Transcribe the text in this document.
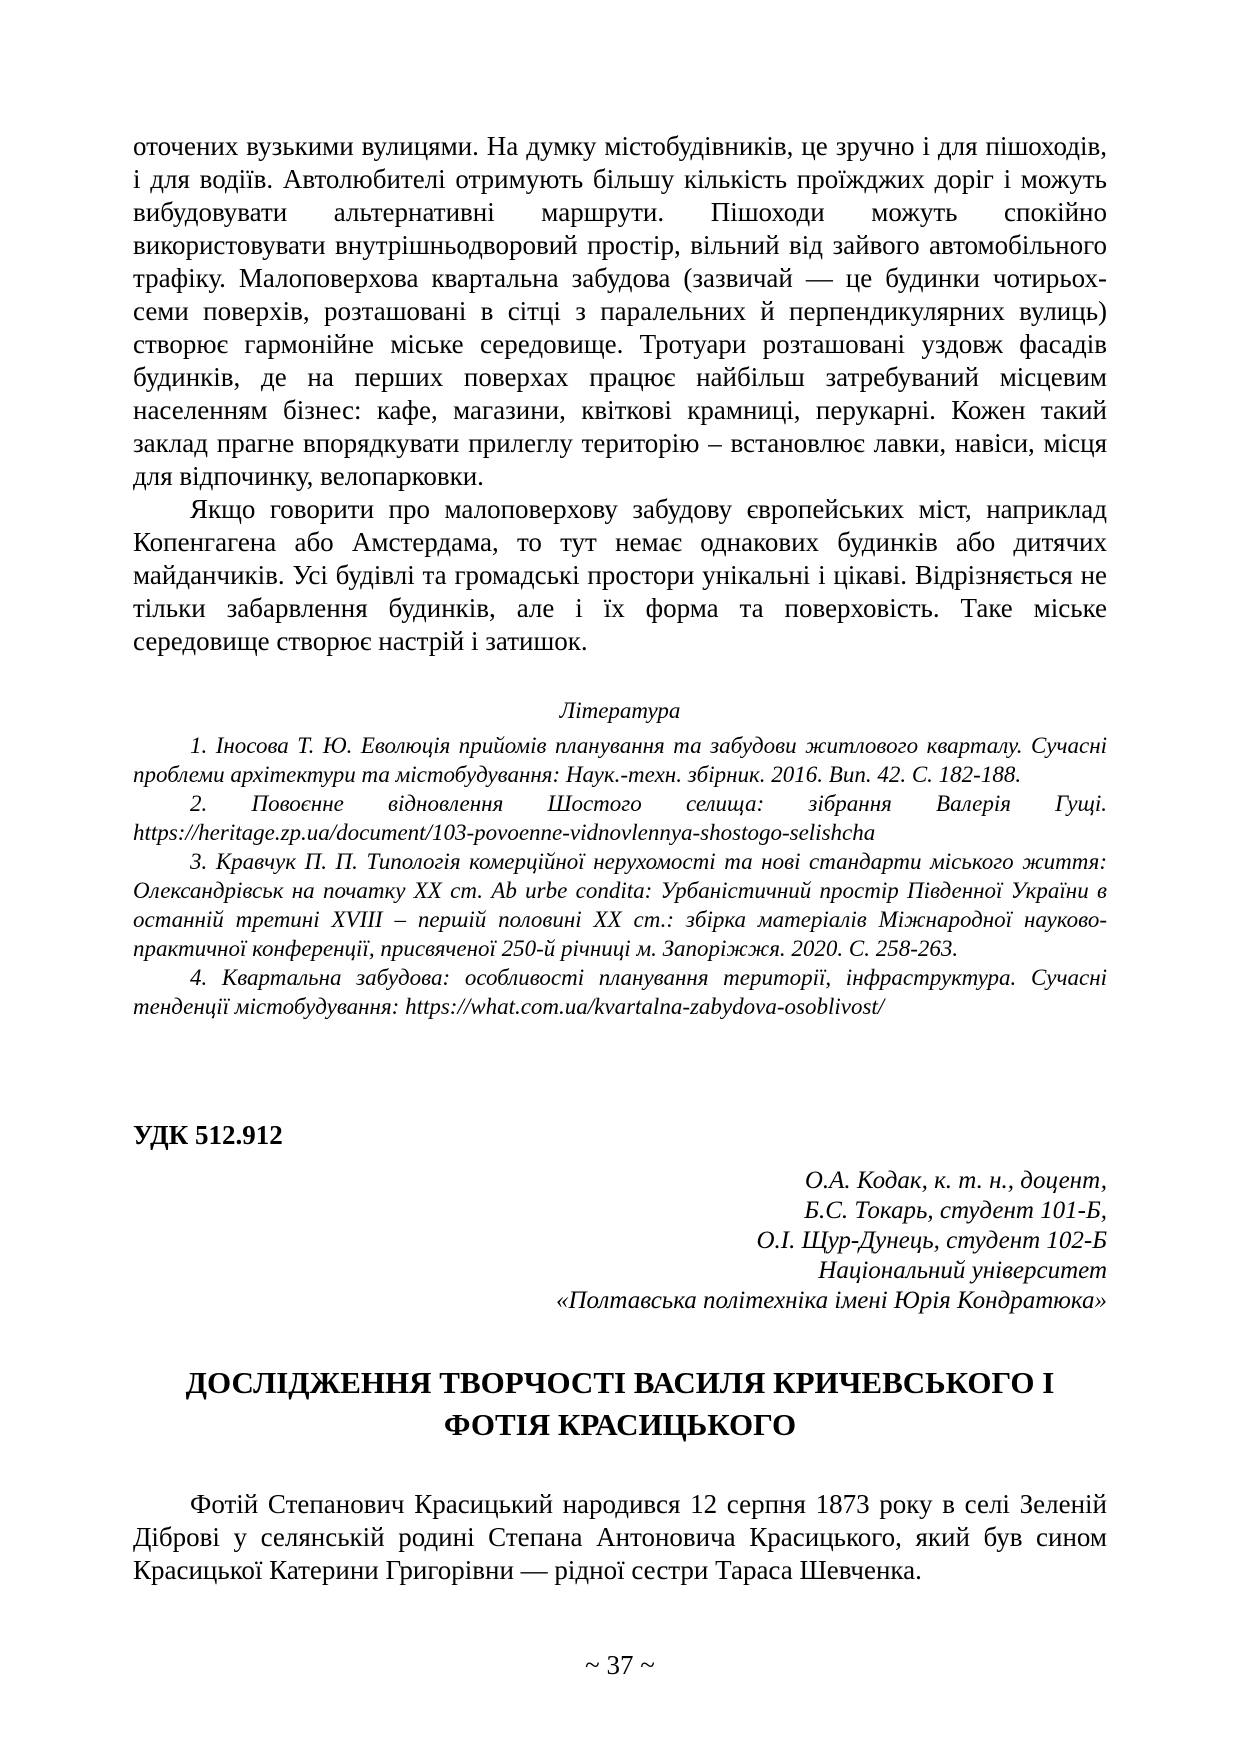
оточених вузькими вулицями. На думку містобудівників, це зручно і для пішоходів, і для водіїв. Автолюбителі отримують більшу кількість проїжджих доріг і можуть вибудовувати альтернативні маршрути. Пішоходи можуть спокійно використовувати внутрішньодворовий простір, вільний від зайвого автомобільного трафіку. Малоповерхова квартальна забудова (зазвичай — це будинки чотирьох-семи поверхів, розташовані в сітці з паралельних й перпендикулярних вулиць) створює гармонійне міське середовище. Тротуари розташовані уздовж фасадів будинків, де на перших поверхах працює найбільш затребуваний місцевим населенням бізнес: кафе, магазини, квіткові крамниці, перукарні. Кожен такий заклад прагне впорядкувати прилеглу територію – встановлює лавки, навіси, місця для відпочинку, велопарковки.

Якщо говорити про малоповерхову забудову європейських міст, наприклад Копенгагена або Амстердама, то тут немає однакових будинків або дитячих майданчиків. Усі будівлі та громадські простори унікальні і цікаві. Відрізняється не тільки забарвлення будинків, але і їх форма та поверховість. Таке міське середовище створює настрій і затишок.

Література

1. Іносова Т. Ю. Еволюція прийомів планування та забудови житлового кварталу. Сучасні проблеми архітектури та містобудування: Наук.-техн. збірник. 2016. Вип. 42. С. 182-188.

2. Повоєнне відновлення Шостого селища: зібрання Валерія Гущі. https://heritage.zp.ua/document/103-povoenne-vidnovlennya-shostogo-selishcha

3. Кравчук П. П. Типологія комерційної нерухомості та нові стандарти міського життя: Олександрівськ на початку XX ст. Ab urbe condita: Урбаністичний простір Південної України в останній третині XVIII – першій половині XX ст.: збірка матеріалів Міжнародної науково-практичної конференції, присвяченої 250-й річниці м. Запоріжжя. 2020. С. 258-263.

4. Квартальна забудова: особливості планування території, інфраструктура. Сучасні тенденції містобудування: https://what.com.ua/kvartalna-zabydova-osoblivost/

УДК 512.912
О.А. Кодак, к. т. н., доцент,
Б.С. Токарь, студент 101-Б,
О.І. Щур-Дунець, студент 102-Б
Національний університет
«Полтавська політехніка імені Юрія Кондратюка»
ДОСЛІДЖЕННЯ ТВОРЧОСТІ ВАСИЛЯ КРИЧЕВСЬКОГО І ФОТІЯ КРАСИЦЬКОГО

Фотій Степанович Красицький народився 12 серпня 1873 року в селі Зеленій Діброві у селянській родині Степана Антоновича Красицького, який був сином Красицької Катерини Григорівни — рідної сестри Тараса Шевченка.

~ 37 ~
